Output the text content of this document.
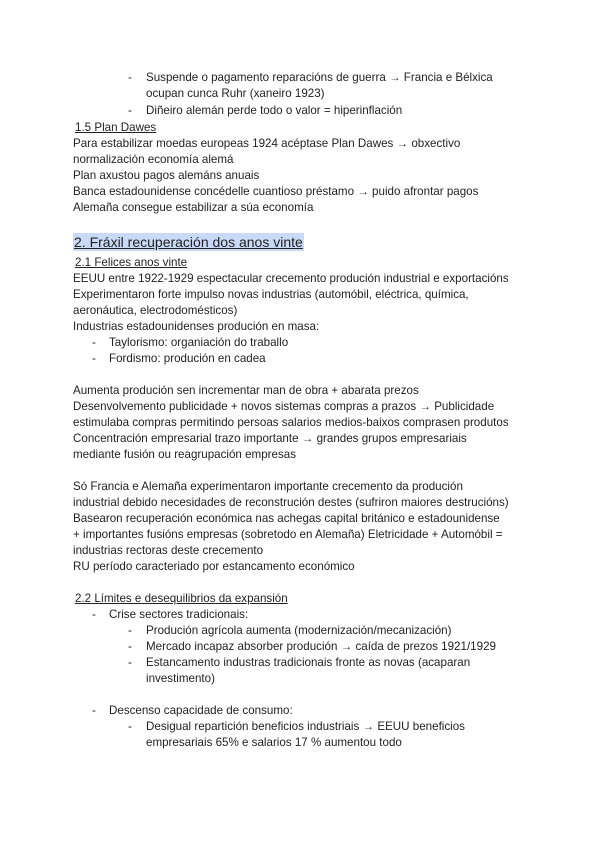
- Suspende o pagamento reparacións de guerra → Francia e Bélxica ocupan cunca Ruhr (xaneiro 1923)
- Diñeiro alemán perde todo o valor = hiperinflación
1.5 Plan Dawes
Para estabilizar moedas europeas 1924 acéptase Plan Dawes → obxectivo
normalización economía alemá
Plan axustou pagos alemáns anuais
Banca estadounidense concédelle cuantioso préstamo → puido afrontar pagos
Alemaña consegue estabilizar a súa economía
2. Fráxil recuperación dos anos vinte
2.1 Felices anos vinte
EEUU entre 1922-1929 espectacular crecemento produción industrial e exportacións
Experimentaron forte impulso novas industrias (automóbil, eléctrica, química,
aeronáutica, electrodomésticos)
Industrias estadounidenses produción en masa:
- Taylorismo: organiación do traballo
- Fordismo: produción en cadea
Aumenta produción sen incrementar man de obra + abarata prezos
Desenvolvemento publicidade + novos sistemas compras a prazos → Publicidade
estimulaba compras permitindo persoas salarios medios-baixos comprasen produtos
Concentración empresarial trazo importante → grandes grupos empresariais
mediante fusión ou reagrupación empresas
Só Francia e Alemaña experimentaron importante crecemento da produción
industrial debido necesidades de reconstrución destes (sufriron maiores destrucións)
Basearon recuperación económica nas achegas capital británico e estadounidense
+ importantes fusións empresas (sobretodo en Alemaña) Eletricidade + Automóbil =
industrias rectoras deste crecemento
RU período caracteriado por estancamento económico
2.2 Límites e desequilibrios da expansión
- Crise sectores tradicionais:
- Produción agrícola aumenta (modernización/mecanización)
- Mercado incapaz absorber produción → caída de prezos 1921/1929
- Estancamento industras tradicionais fronte as novas (acaparan investimento)
- Descenso capacidade de consumo:
- Desigual repartición beneficios industriais → EEUU beneficios empresariais 65% e salarios 17 % aumentou todo
